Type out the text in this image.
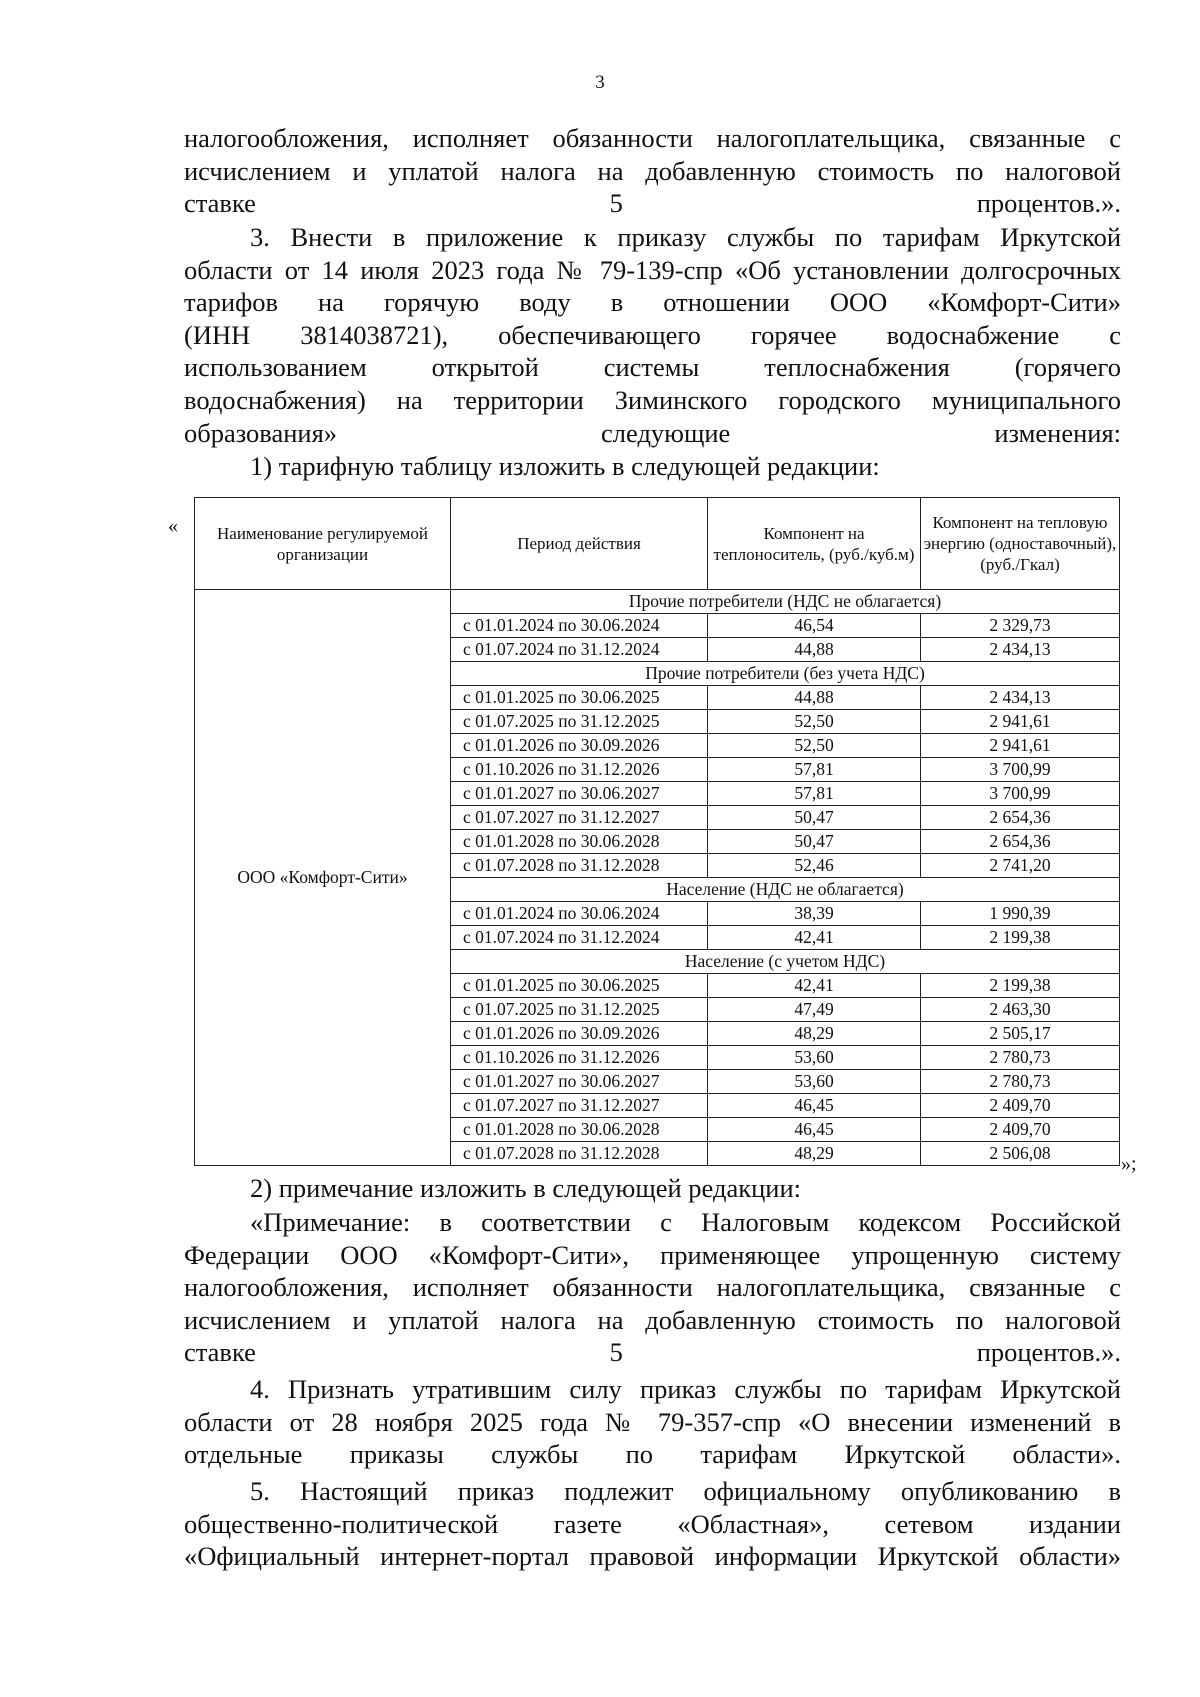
3

налогообложения, исполняет обязанности налогоплательщика, связанные с
исчислением и уплатой налога на добавленную стоимость по налоговой
ставке 5 процентов.».

3. Внести в приложение к приказу службы по тарифам Иркутской
области от 14 июля 2023 года № 79-139-спр «Об установлении долгосрочных
тарифов на горячую воду в отношении ООО «Комфорт-Сити»
(ИНН 3814038721), обеспечивающего горячее водоснабжение с
использованием открытой системы теплоснабжения (горячего
водоснабжения) на территории Зиминского городского муниципального
образования» следующие изменения:

1) тарифную таблицу изложить в следующей редакции:

« Наименование регулируемой организации	Период действия	Компонент на теплоноситель, (руб./куб.м)	Компонент на тепловую энергию (одноставочный), (руб./Гкал)
ООО «Комфорт-Сити»	Прочие потребители (НДС не облагается)		
	с 01.01.2024 по 30.06.2024	46,54	2 329,73
	с 01.07.2024 по 31.12.2024	44,88	2 434,13
	Прочие потребители (без учета НДС)		
	с 01.01.2025 по 30.06.2025	44,88	2 434,13
	с 01.07.2025 по 31.12.2025	52,50	2 941,61
	с 01.01.2026 по 30.09.2026	52,50	2 941,61
	с 01.10.2026 по 31.12.2026	57,81	3 700,99
	с 01.01.2027 по 30.06.2027	57,81	3 700,99
	с 01.07.2027 по 31.12.2027	50,47	2 654,36
	с 01.01.2028 по 30.06.2028	50,47	2 654,36
	с 01.07.2028 по 31.12.2028	52,46	2 741,20
	Население (НДС не облагается)		
	с 01.01.2024 по 30.06.2024	38,39	1 990,39
	с 01.07.2024 по 31.12.2024	42,41	2 199,38
	Население (с учетом НДС)		
	с 01.01.2025 по 30.06.2025	42,41	2 199,38
	с 01.07.2025 по 31.12.2025	47,49	2 463,30
	с 01.01.2026 по 30.09.2026	48,29	2 505,17
	с 01.10.2026 по 31.12.2026	53,60	2 780,73
	с 01.01.2027 по 30.06.2027	53,60	2 780,73
	с 01.07.2027 по 31.12.2027	46,45	2 409,70
	с 01.01.2028 по 30.06.2028	46,45	2 409,70
	с 01.07.2028 по 31.12.2028	48,29	2 506,08	»;

2) примечание изложить в следующей редакции:

«Примечание: в соответствии с Налоговым кодексом Российской
Федерации ООО «Комфорт-Сити», применяющее упрощенную систему
налогообложения, исполняет обязанности налогоплательщика, связанные с
исчислением и уплатой налога на добавленную стоимость по налоговой
ставке 5 процентов.».

4. Признать утратившим силу приказ службы по тарифам Иркутской
области от 28 ноября 2025 года № 79-357-спр «О внесении изменений в
отдельные приказы службы по тарифам Иркутской области».

5. Настоящий приказ подлежит официальному опубликованию в
общественно-политической газете «Областная», сетевом издании
«Официальный интернет-портал правовой информации Иркутской области»
